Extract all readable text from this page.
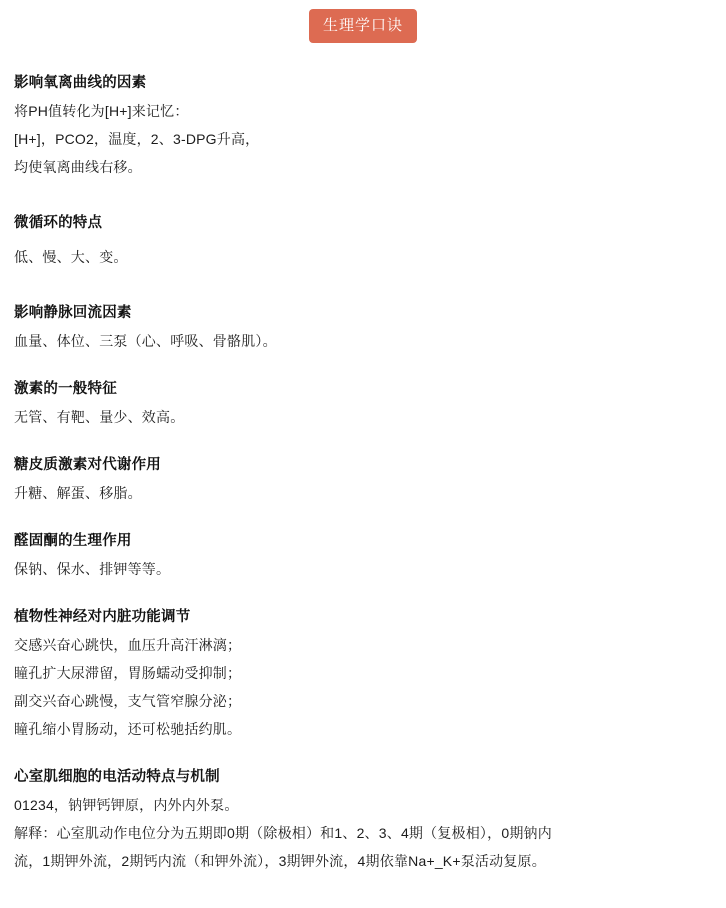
生理学口诀
影响氧离曲线的因素
将PH值转化为[H+]来记忆：
[H+]，PCO2，温度，2、3-DPG升高，
均使氧离曲线右移。
微循环的特点
低、慢、大、变。
影响静脉回流因素
血量、体位、三泵（心、呼吸、骨骼肌）。
激素的一般特征
无管、有靶、量少、效高。
糖皮质激素对代谢作用
升糖、解蛋、移脂。
醛固酮的生理作用
保钠、保水、排钾等等。
植物性神经对内脏功能调节
交感兴奋心跳快，血压升高汗淋漓；
瞳孔扩大尿滞留，胃肠蠕动受抑制；
副交兴奋心跳慢，支气管窄腺分泌；
瞳孔缩小胃肠动，还可松驰括约肌。
心室肌细胞的电活动特点与机制
01234，钠钾钙钾原，内外内外泵。
解释：心室肌动作电位分为五期即0期（除极相）和1、2、3、4期（复极相），0期钠内
流，1期钾外流，2期钙内流（和钾外流），3期钾外流，4期依靠Na+_K+泵活动复原。
